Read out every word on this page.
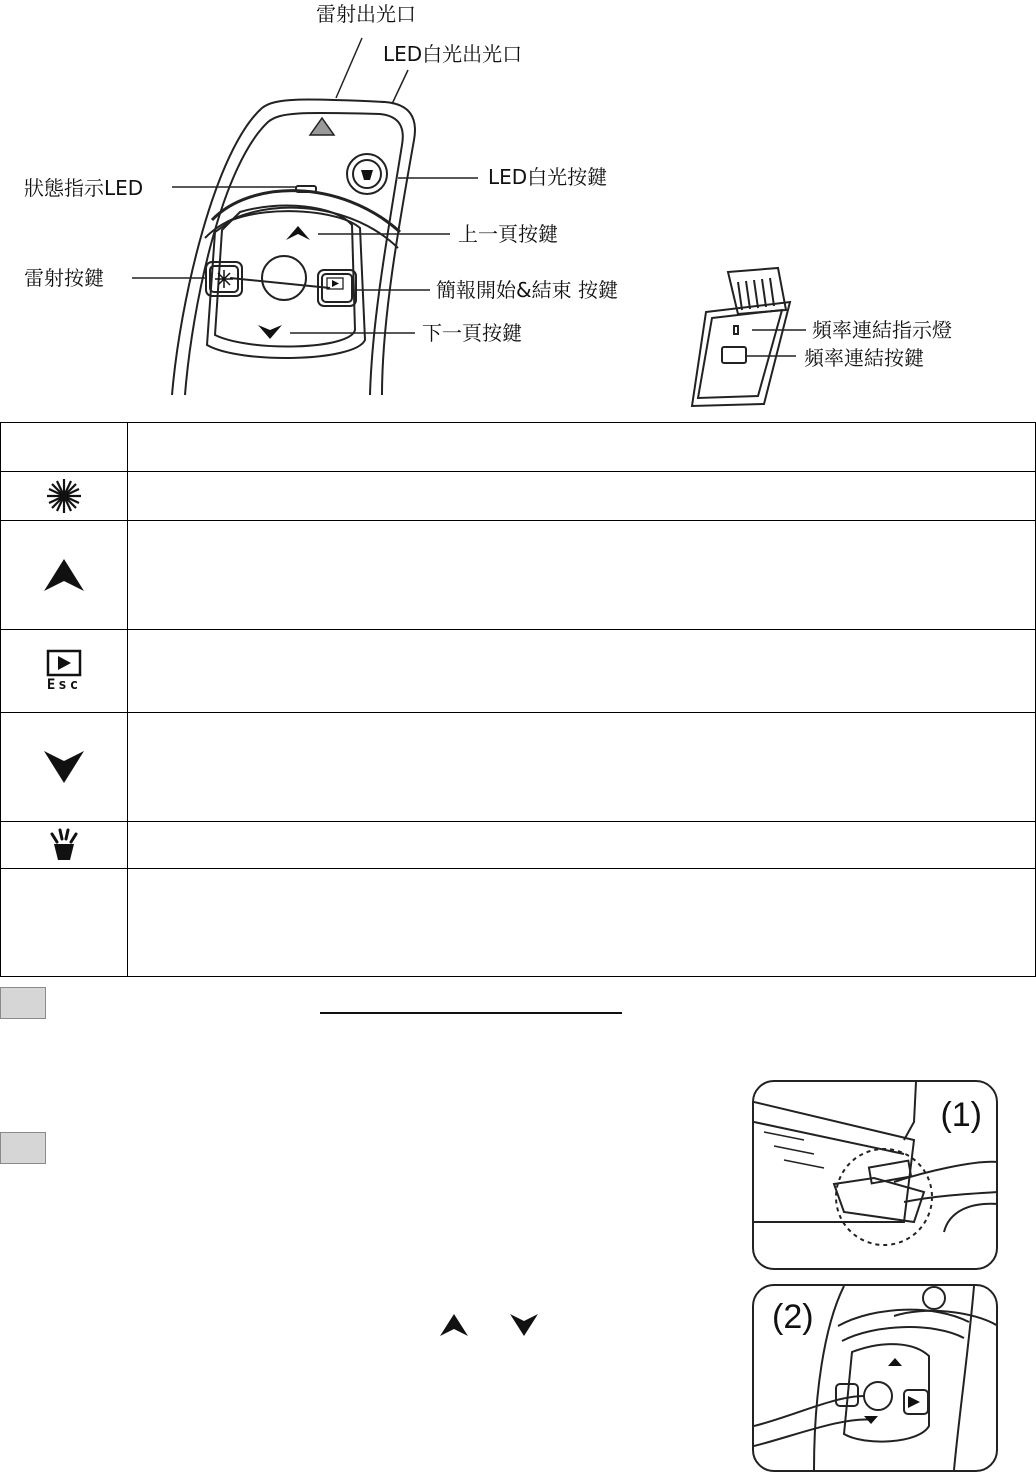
雷射出光口
LED白光出光口
狀態指示LED	LED白光按鍵
上一頁按鍵
雷射按鍵	簡報開始&結束 按鍵
下一頁按鍵	頻率連結指示燈
頻率連結按鍵
Esc
(1)
(2)
